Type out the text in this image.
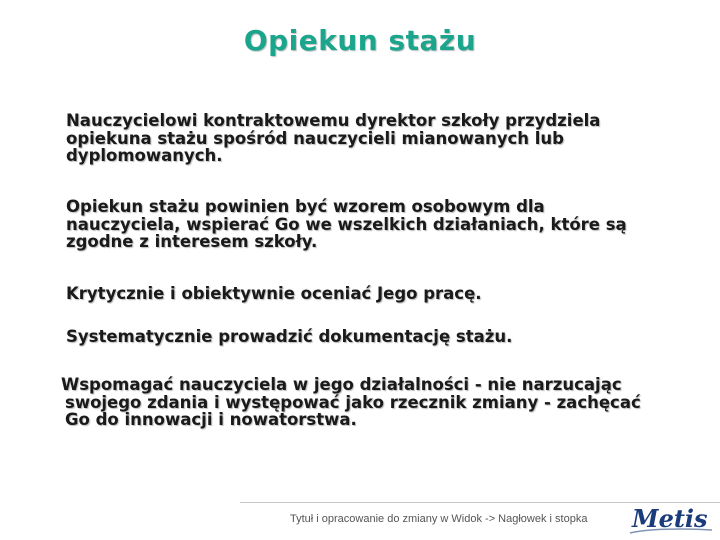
Opiekun stażu
Nauczycielowi kontraktowemu dyrektor szkoły przydziela
opiekuna stażu spośród nauczycieli mianowanych lub
dyplomowanych.
Opiekun stażu powinien być wzorem osobowym dla
nauczyciela, wspierać Go we wszelkich działaniach, które są
zgodne z interesem szkoły.
Krytycznie i obiektywnie oceniać Jego pracę.
Systematycznie prowadzić dokumentację stażu.
Wspomagać nauczyciela w jego działalności - nie narzucając
swojego zdania i występować jako rzecznik zmiany - zachęcać
Go do innowacji i nowatorstwa.
Tytuł i opracowanie do zmiany w Widok -> Nagłowek i stopka Metis
